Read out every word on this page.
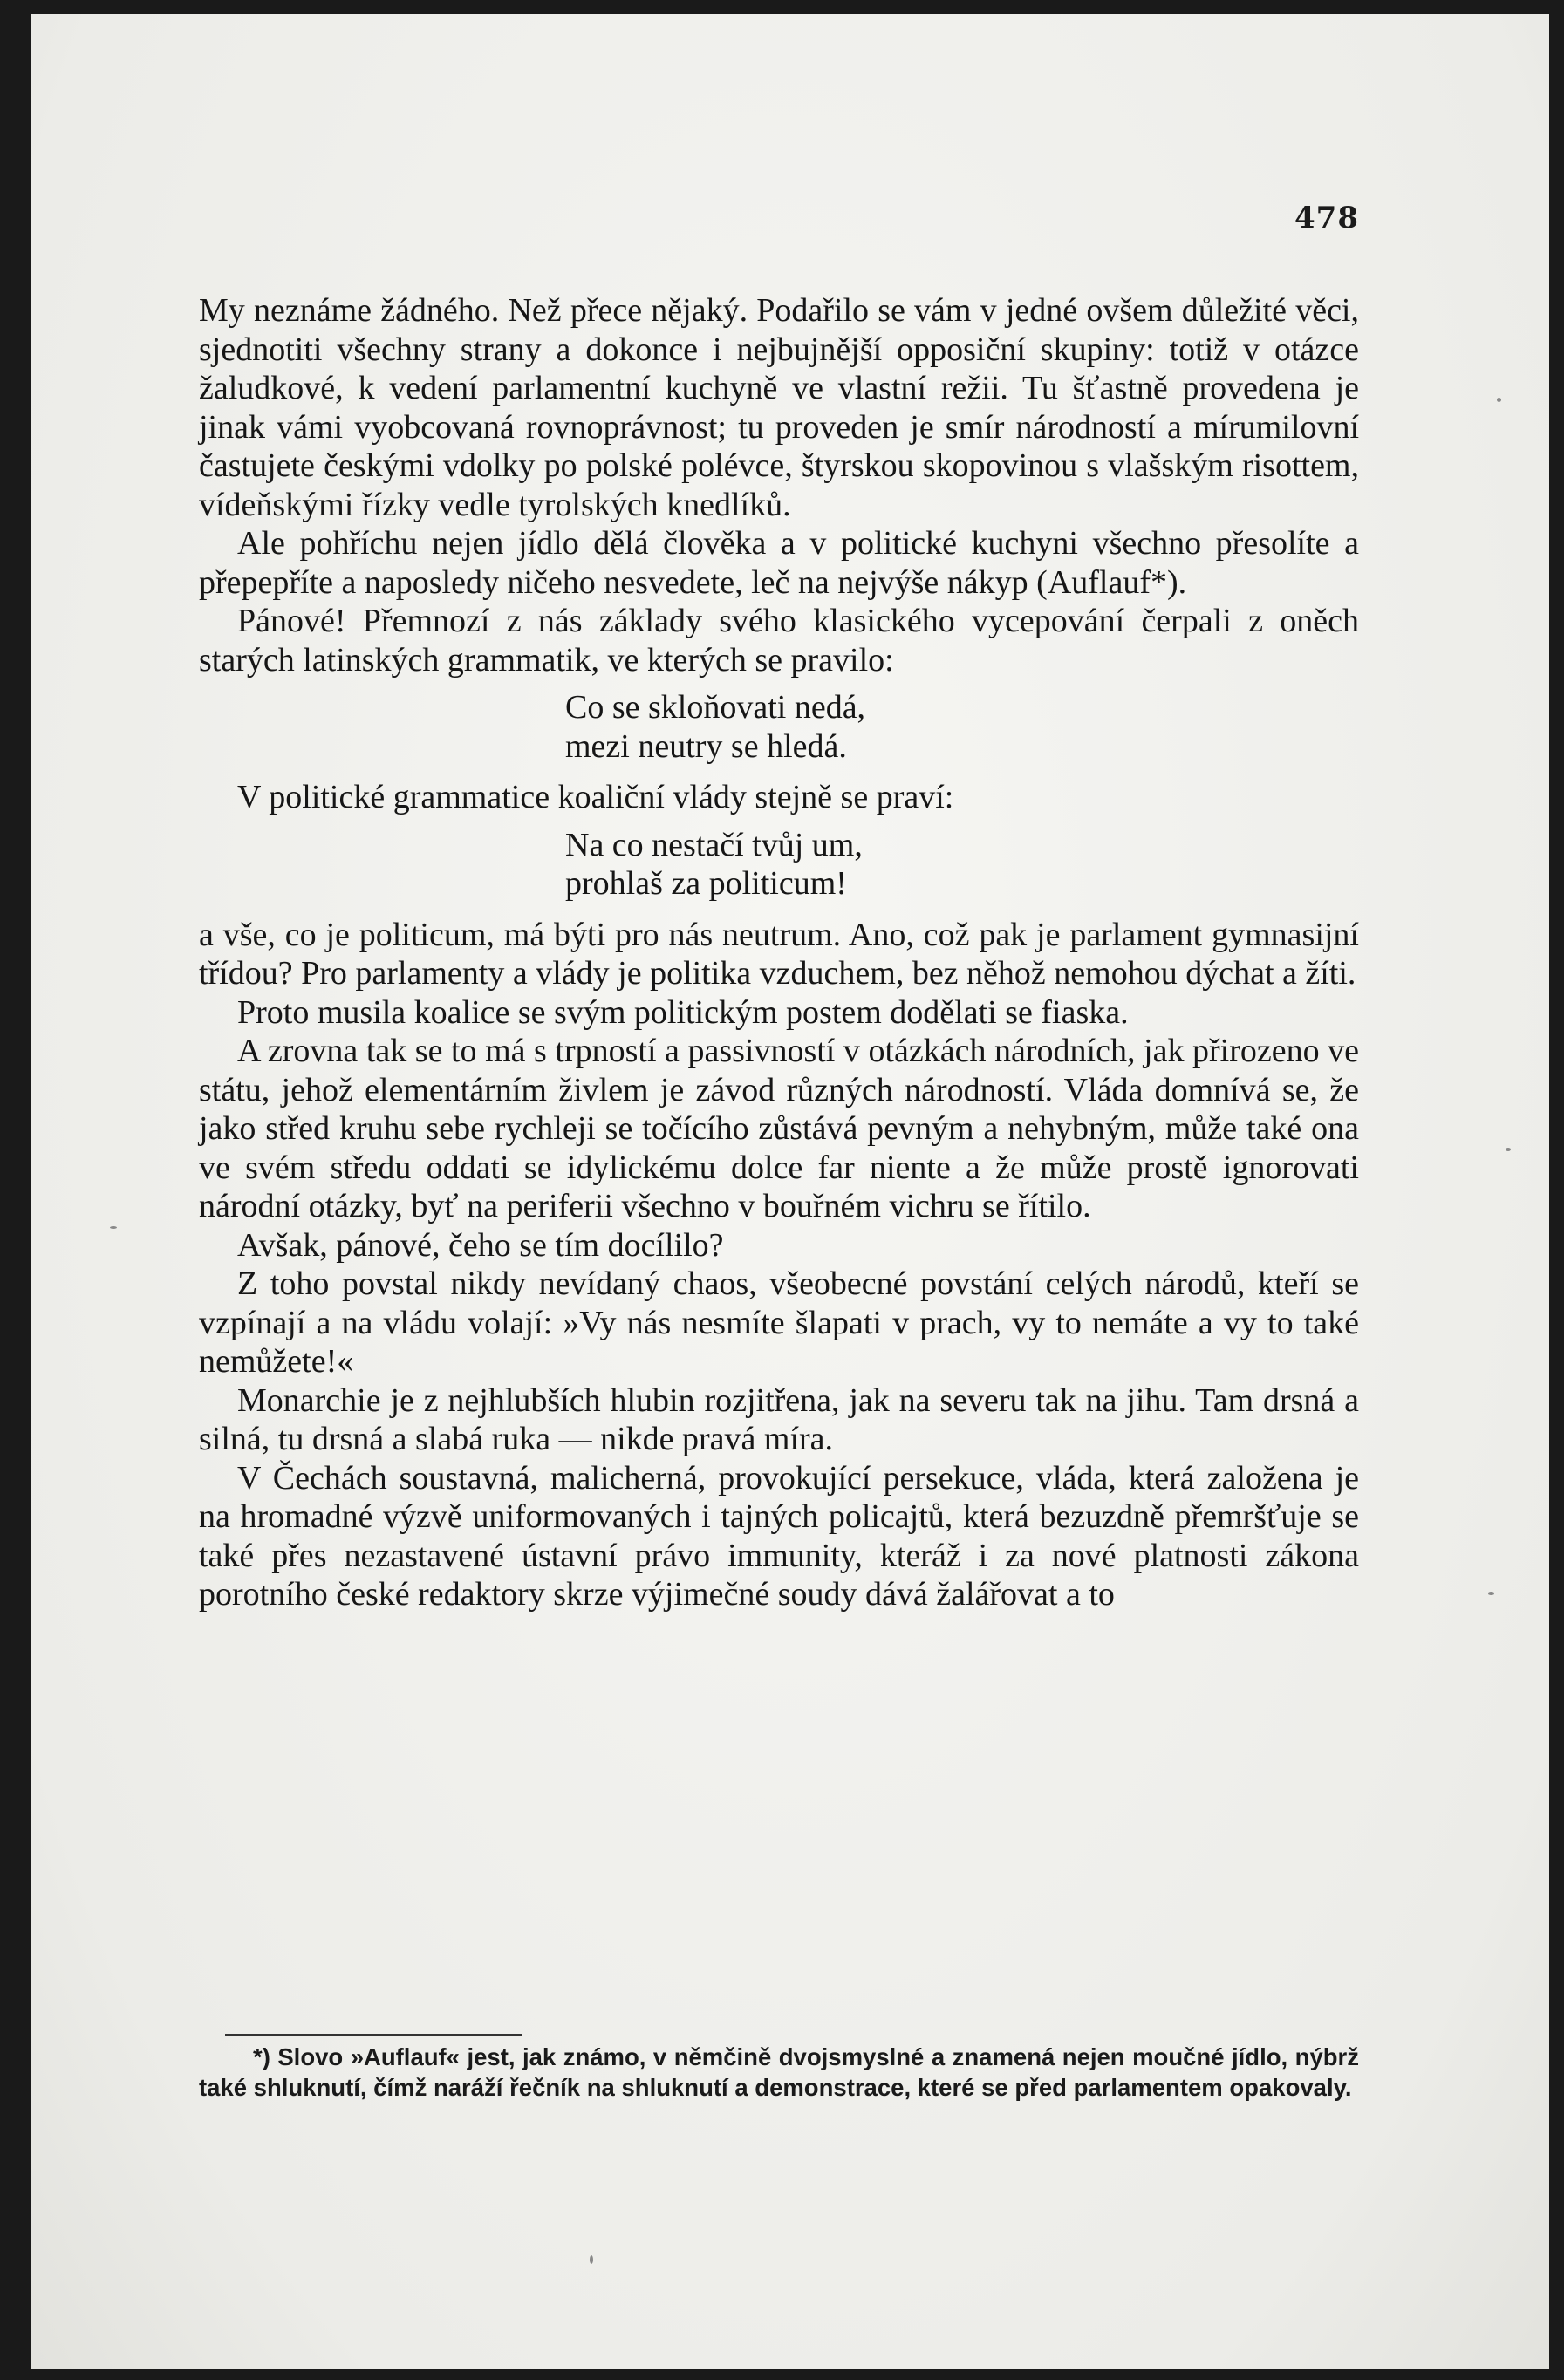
478

My neznáme žádného. Než přece nějaký. Podařilo se vám v jedné ovšem důležité věci, sjednotiti všechny strany a dokonce i nejbujnější opposiční skupiny: totiž v otázce žaludkové, k vedení parlamentní kuchyně ve vlastní režii. Tu šťastně provedena je jinak vámi vyobcovaná rovnoprávnost; tu proveden je smír národností a mírumilovní častujete českými vdolky po polské polévce, štyrskou skopovinou s vlašským risottem, vídeňskými řízky vedle tyrolských knedlíků.

Ale pohříchu nejen jídlo dělá člověka a v politické kuchyni všechno přesolíte a přepepříte a naposledy ničeho nesvedete, leč na nejvýše nákyp (Auflauf*).

Pánové! Přemnozí z nás základy svého klasického vycepování čerpali z oněch starých latinských grammatik, ve kterých se pravilo:

Co se skloňovati nedá,
mezi neutry se hledá.

V politické grammatice koaliční vlády stejně se praví:

Na co nestačí tvůj um,
prohlaš za politicum!

a vše, co je politicum, má býti pro nás neutrum. Ano, což pak je parlament gymnasijní třídou? Pro parlamenty a vlády je politika vzduchem, bez něhož nemohou dýchat a žíti.

Proto musila koalice se svým politickým postem dodělati se fiaska.

A zrovna tak se to má s trpností a passivností v otázkách národních, jak přirozeno ve státu, jehož elementárním živlem je závod různých národností. Vláda domnívá se, že jako střed kruhu sebe rychleji se točícího zůstává pevným a nehybným, může také ona ve svém středu oddati se idylickému dolce far niente a že může prostě ignorovati národní otázky, byť na periferii všechno v bouřném vichru se řítilo.

Avšak, pánové, čeho se tím docílilo?

Z toho povstal nikdy nevídaný chaos, všeobecné povstání celých národů, kteří se vzpínají a na vládu volají: »Vy nás nesmíte šlapati v prach, vy to nemáte a vy to také nemůžete!«

Monarchie je z nejhlubších hlubin rozjitřena, jak na severu tak na jihu. Tam drsná a silná, tu drsná a slabá ruka — nikde pravá míra.

V Čechách soustavná, malicherná, provokující persekuce, vláda, která založena je na hromadné výzvě uniformovaných i tajných policajtů, která bezuzdně přemršťuje se také přes nezastavené ústavní právo immunity, kteráž i za nové platnosti zákona porotního české redaktory skrze výjimečné soudy dává žalářovat a to

*) Slovo »Auflauf« jest, jak známo, v němčině dvojsmyslné a znamená nejen moučné jídlo, nýbrž také shluknutí, čímž naráží řečník na shluknutí a demonstrace, které se před parlamentem opakovaly.
